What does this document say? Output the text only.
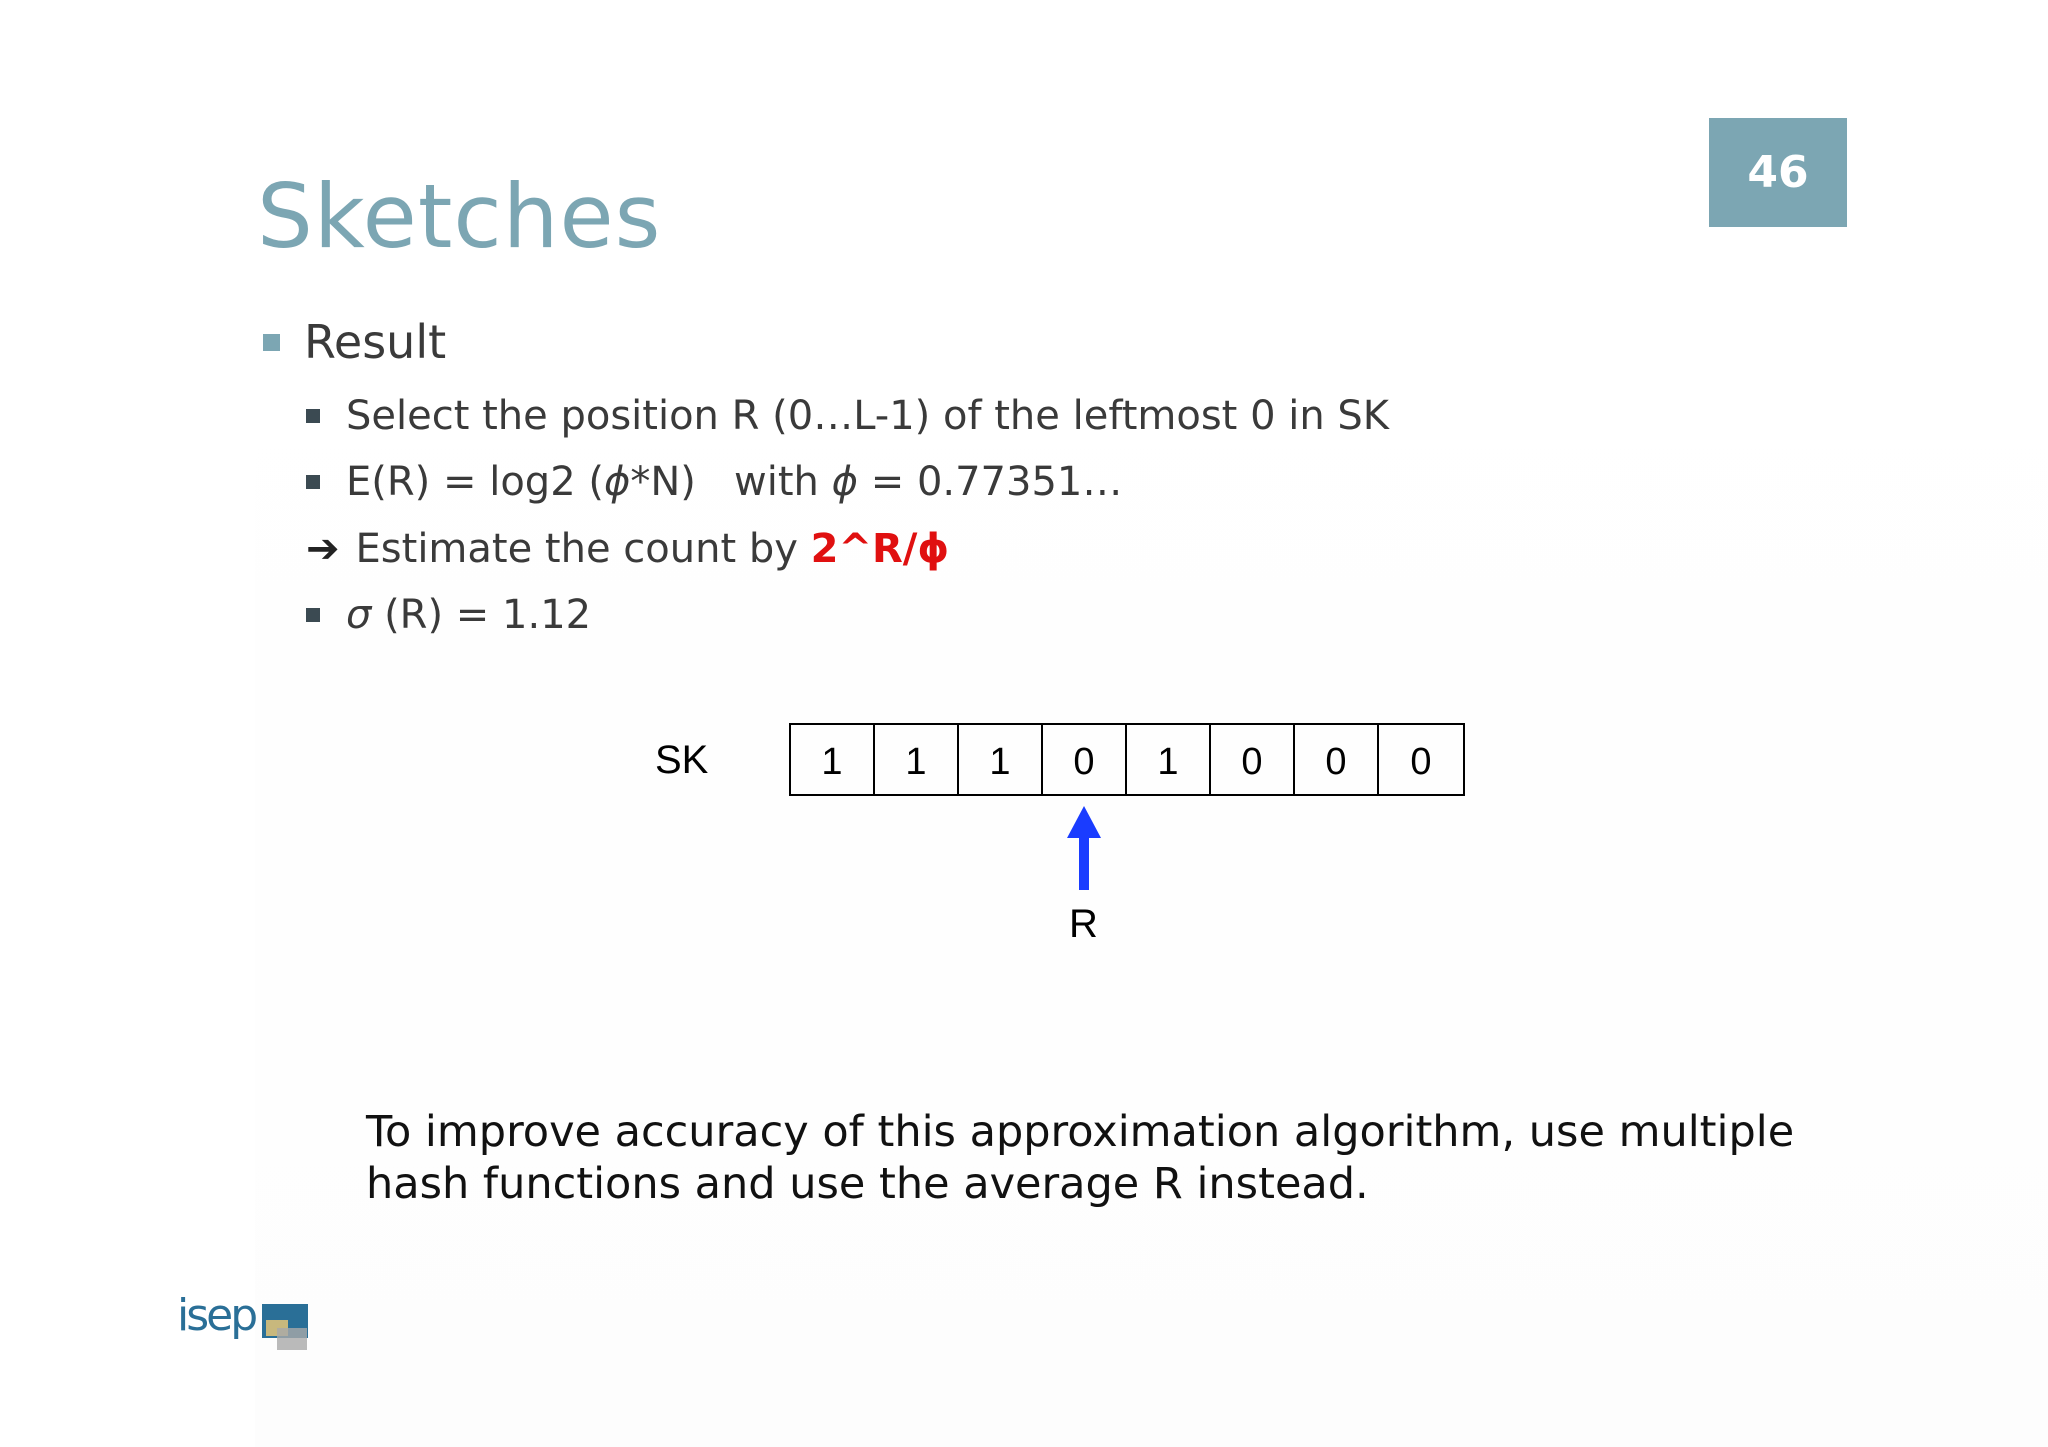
46
Sketches
Result
Select the position R (0…L-1) of the leftmost 0 in SK
E(R) = log2 ( ϕ *N)   with ϕ = 0.77351…
➔ Estimate the count by 2^R/ϕ
σ (R) = 1.12
SK	1	1	1	0	1	0	0	0
R
To improve accuracy of this approximation algorithm, use multiple
hash functions and use the average R instead.
isep
